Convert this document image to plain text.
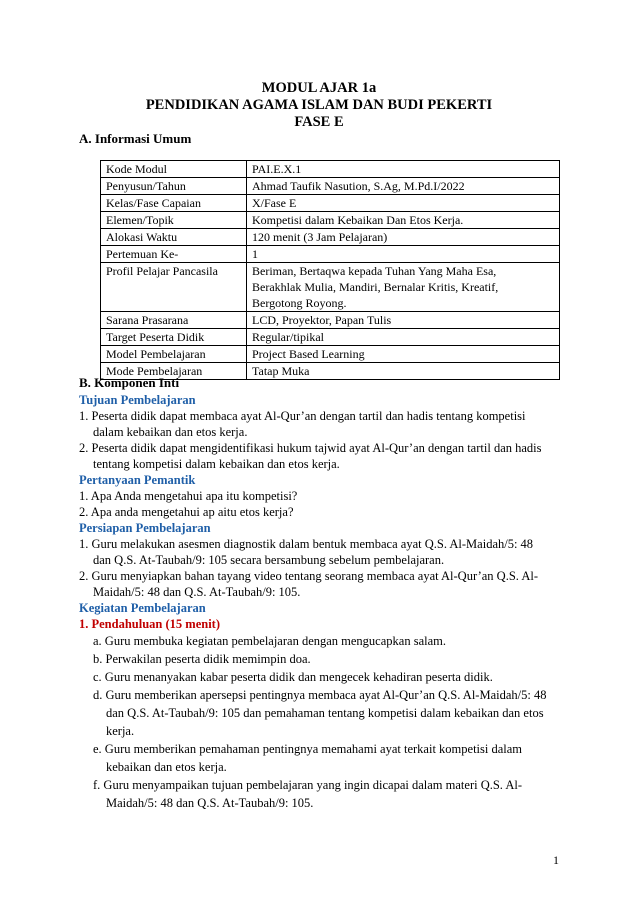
MODUL AJAR 1a
PENDIDIKAN AGAMA ISLAM DAN BUDI PEKERTI
FASE E
A. Informasi Umum
Kode Modul	PAI.E.X.1
Penyusun/Tahun	Ahmad Taufik Nasution, S.Ag, M.Pd.I/2022
Kelas/Fase Capaian	X/Fase E
Elemen/Topik	Kompetisi dalam Kebaikan Dan Etos Kerja.
Alokasi Waktu	120 menit (3 Jam Pelajaran)
Pertemuan Ke-	1
Profil Pelajar Pancasila	Beriman, Bertaqwa kepada Tuhan Yang Maha Esa,
Berakhlak Mulia, Mandiri, Bernalar Kritis, Kreatif,
Bergotong Royong.

Sarana Prasarana	LCD, Proyektor, Papan Tulis
Target Peserta Didik	Regular/tipikal
Model Pembelajaran	Project Based Learning
Mode Pembelajaran	Tatap Muka
B. Komponen Inti
Tujuan Pembelajaran
1. Peserta didik dapat membaca ayat Al-Qur’an dengan tartil dan hadis tentang kompetisi
dalam kebaikan dan etos kerja.
2. Peserta didik dapat mengidentifikasi hukum tajwid ayat Al-Qur’an dengan tartil dan hadis
tentang kompetisi dalam kebaikan dan etos kerja.
Pertanyaan Pemantik
1. Apa Anda mengetahui apa itu kompetisi?
2. Apa anda mengetahui ap aitu etos kerja?
Persiapan Pembelajaran
1. Guru melakukan asesmen diagnostik dalam bentuk membaca ayat Q.S. Al-Maidah/5: 48
dan Q.S. At-Taubah/9: 105 secara bersambung sebelum pembelajaran.
2. Guru menyiapkan bahan tayang video tentang seorang membaca ayat Al-Qur’an Q.S. Al-
Maidah/5: 48 dan Q.S. At-Taubah/9: 105.
Kegiatan Pembelajaran
1. Pendahuluan (15 menit)
a. Guru membuka kegiatan pembelajaran dengan mengucapkan salam.
b. Perwakilan peserta didik memimpin doa.
c. Guru menanyakan kabar peserta didik dan mengecek kehadiran peserta didik.
d. Guru memberikan apersepsi pentingnya membaca ayat Al-Qur’an Q.S. Al-Maidah/5: 48
dan Q.S. At-Taubah/9: 105 dan pemahaman tentang kompetisi dalam kebaikan dan etos
kerja.
e. Guru memberikan pemahaman pentingnya memahami ayat terkait kompetisi dalam
kebaikan dan etos kerja.
f. Guru menyampaikan tujuan pembelajaran yang ingin dicapai dalam materi Q.S. Al-
Maidah/5: 48 dan Q.S. At-Taubah/9: 105.
1
